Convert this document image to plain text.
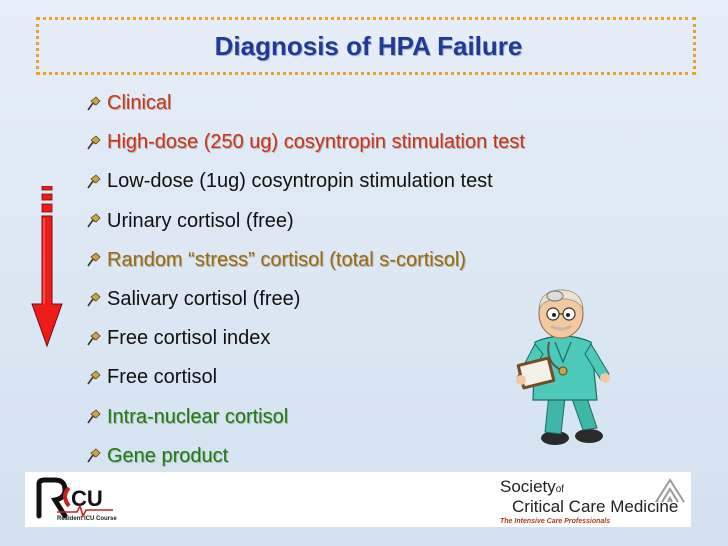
Diagnosis of HPA Failure
Clinical
High-dose (250 ug) cosyntropin stimulation test
Low-dose (1ug) cosyntropin stimulation test
Urinary cortisol (free)
Random “stress” cortisol (total s-cortisol)
Salivary cortisol (free)
Free cortisol index
Free cortisol
Intra-nuclear cortisol
Gene product
CU
Resident ICU Course
Societyof
Critical Care Medicine
The Intensive Care Professionals
